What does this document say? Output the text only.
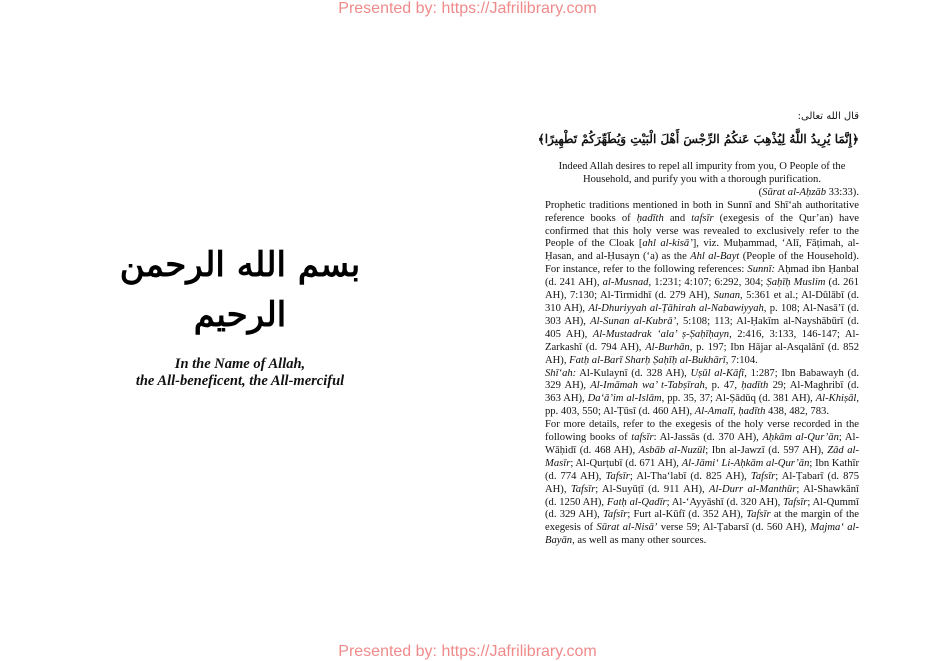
Presented by: https://Jafrilibrary.com
بسم الله الرحمن الرحيم
In the Name of Allah,
the All-beneficent, the All-merciful
قال الله تعالى:
﴿إِنَّمَا يُرِيدُ اللَّهُ لِيُذْهِبَ عَنكُمُ الرِّجْسَ أَهْلَ الْبَيْتِ وَيُطَهِّرَكُمْ تَطْهِيرًا﴾
Indeed Allah desires to repel all impurity from you, O People of the Household, and purify you with a thorough purification.
(Sūrat al-Aḥzāb 33:33).
Prophetic traditions mentioned in both in Sunnī and Shī‘ah authoritative reference books of ḥadīth and tafsīr (exegesis of the Qur’an) have confirmed that this holy verse was revealed to exclusively refer to the People of the Cloak [ahl al-kisā’], viz. Muḥammad, ‘Alī, Fāṭimah, al-Ḥasan, and al-Ḥusayn (‘a) as the Ahl al-Bayt (People of the Household). For instance, refer to the following references: Sunnī: Aḥmad ibn Ḥanbal (d. 241 AH), al-Musnad, 1:231; 4:107; 6:292, 304; Ṣaḥīḥ Muslim (d. 261 AH), 7:130; Al-Tirmidhī (d. 279 AH), Sunan, 5:361 et al.; Al-Dūlābī (d. 310 AH), Al-Dhuriyyah al-Ṭāhirah al-Nabawiyyah, p. 108; Al-Nasā’ī (d. 303 AH), Al-Sunan al-Kubrā’, 5:108; 113; Al-Ḥakīm al-Nayshābūrī (d. 405 AH), Al-Mustadrak ‘ala’ ṣ-Ṣaḥīḥayn, 2:416, 3:133, 146-147; Al-Zarkashī (d. 794 AH), Al-Burhān, p. 197; Ibn Hājar al-Asqalānī (d. 852 AH), Fatḥ al-Barī Sharḥ Ṣaḥīḥ al-Bukhārī, 7:104.
Shī‘ah: Al-Kulaynī (d. 328 AH), Uṣūl al-Kāfī, 1:287; Ibn Babawayh (d. 329 AH), Al-Imāmah wa’ t-Tabṣīrah, p. 47, ḥadīth 29; Al-Maghribī (d. 363 AH), Da‘ā’im al-Islām, pp. 35, 37; Al-Ṣādūq (d. 381 AH), Al-Khiṣāl, pp. 403, 550; Al-Ṭūsī (d. 460 AH), Al-Amalī, ḥadīth 438, 482, 783.
For more details, refer to the exegesis of the holy verse recorded in the following books of tafsīr: Al-Jassās (d. 370 AH), Aḥkām al-Qur’ān; Al-Wāḥidī (d. 468 AH), Asbāb al-Nuzūl; Ibn al-Jawzī (d. 597 AH), Zād al-Masīr; Al-Qurṭubī (d. 671 AH), Al-Jāmi‘ Li-Aḥkām al-Qur’ān; Ibn Kathīr (d. 774 AH), Tafsīr; Al-Tha‘labī (d. 825 AH), Tafsīr; Al-Ṭabarī (d. 875 AH), Tafsīr; Al-Suyūṭī (d. 911 AH), Al-Durr al-Manthūr; Al-Shawkānī (d. 1250 AH), Fatḥ al-Qadīr; Al-‘Ayyāshī (d. 320 AH), Tafsīr; Al-Qummī (d. 329 AH), Tafsīr; Furt al-Kūfī (d. 352 AH), Tafsīr at the margin of the exegesis of Sūrat al-Nisā’ verse 59; Al-Ṭabarsī (d. 560 AH), Majma‘ al-Bayān, as well as many other sources.
Presented by: https://Jafrilibrary.com
